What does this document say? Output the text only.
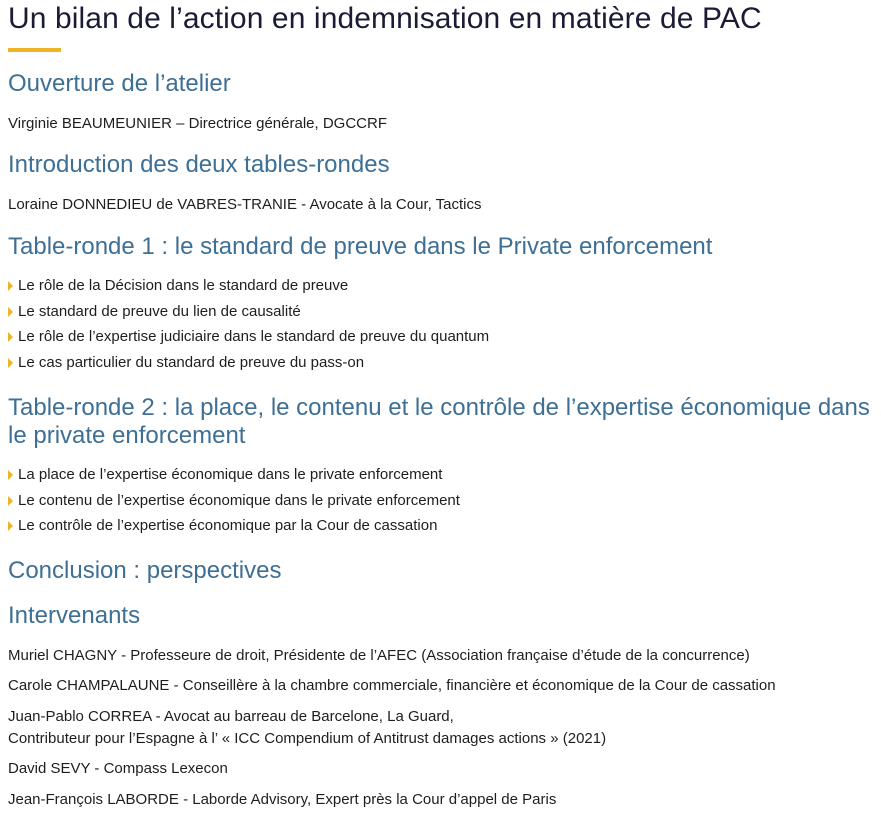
Un bilan de l’action en indemnisation en matière de PAC
Ouverture de l’atelier

Virginie BEAUMEUNIER – Directrice générale, DGCCRF

Introduction des deux tables-rondes

Loraine DONNEDIEU de VABRES-TRANIE - Avocate à la Cour, Tactics

Table-ronde 1 : le standard de preuve dans le Private enforcement
Le rôle de la Décision dans le standard de preuve
Le standard de preuve du lien de causalité
Le rôle de l’expertise judiciaire dans le standard de preuve du quantum
Le cas particulier du standard de preuve du pass-on
Table-ronde 2 : la place, le contenu et le contrôle de l’expertise économique dans le private enforcement
La place de l’expertise économique dans le private enforcement
Le contenu de l’expertise économique dans le private enforcement
Le contrôle de l’expertise économique par la Cour de cassation
Conclusion : perspectives
Intervenants

Muriel CHAGNY - Professeure de droit, Présidente de l’AFEC (Association française d’étude de la concurrence)

Carole CHAMPALAUNE - Conseillère à la chambre commerciale, financière et économique de la Cour de cassation

Juan-Pablo CORREA - Avocat au barreau de Barcelone, La Guard,

Contributeur pour l’Espagne à l’ « ICC Compendium of Antitrust damages actions » (2021)

David SEVY - Compass Lexecon

Jean-François LABORDE - Laborde Advisory, Expert près la Cour d’appel de Paris
